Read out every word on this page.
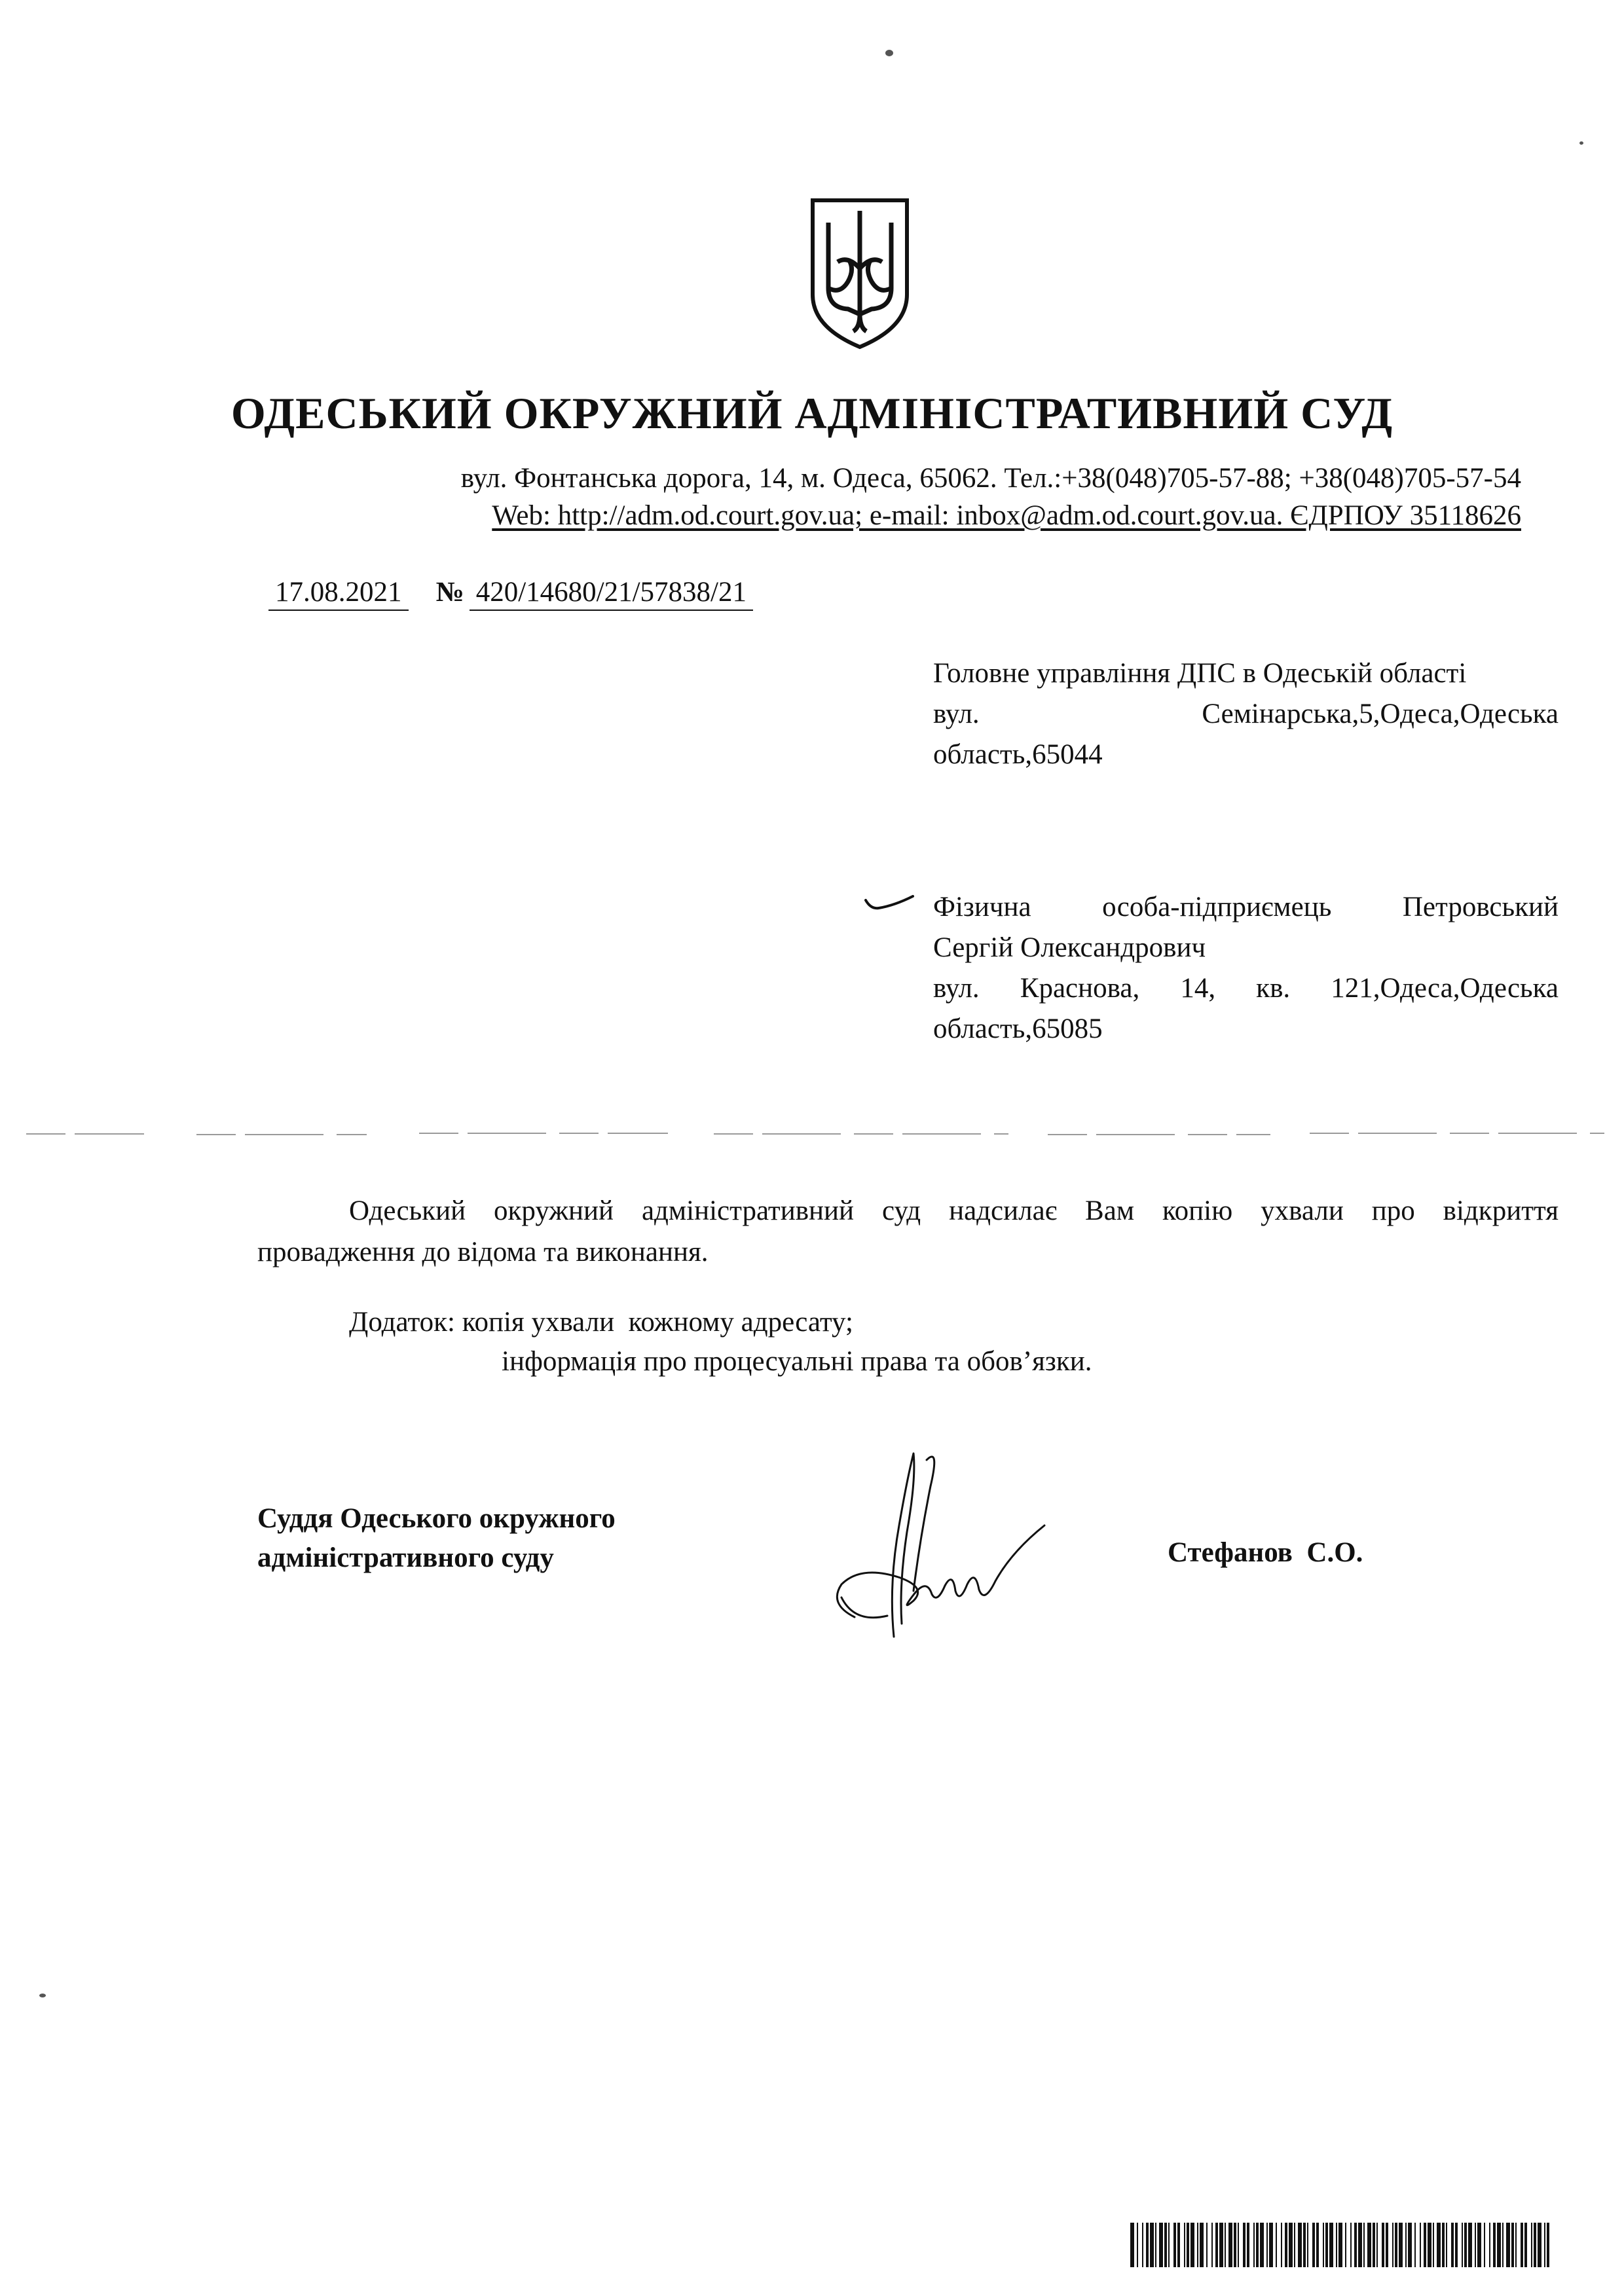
ОДЕСЬКИЙ ОКРУЖНИЙ АДМІНІСТРАТИВНИЙ СУД
вул. Фонтанська дорога, 14, м. Одеса, 65062. Тел.:+38(048)705-57-88; +38(048)705-57-54
Web: http://adm.od.court.gov.ua; e-mail: inbox@adm.od.court.gov.ua. ЄДРПОУ 35118626
17.08.2021 № 420/14680/21/57838/21
Головне управління ДПС в Одеській області
вул.                 Семінарська,5,Одеса,Одеська
область,65044
Фізична     особа-підприємець     Петровський
Сергій Олександрович
вул.  Краснова,  14,  кв.  121,Одеса,Одеська
область,65085
Одеський окружний адміністративний суд надсилає Вам копію ухвали про відкриття
провадження до відома та виконання.
Додаток: копія ухвали  кожному адресату;
інформація про процесуальні права та обов’язки.
Суддя Одеського окружного
адміністративного суду	Стефанов  С.О.
